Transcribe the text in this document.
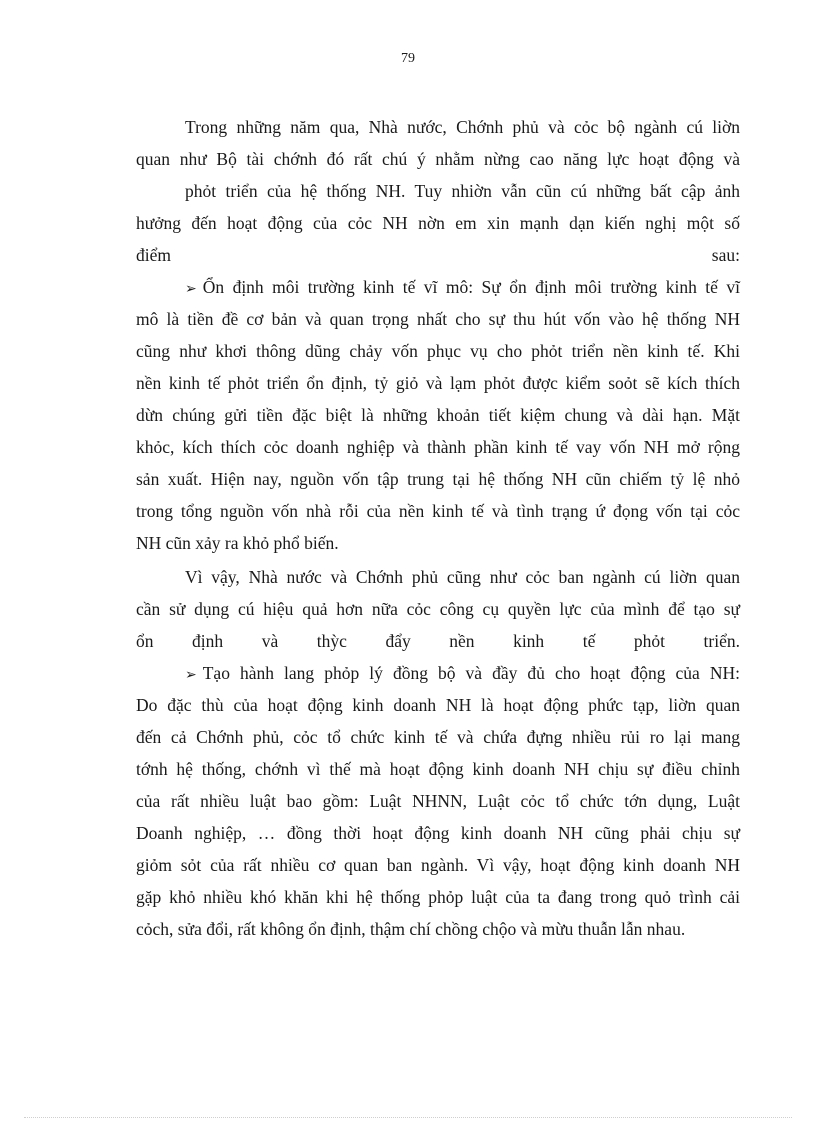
79
Trong những năm qua, Nhà nước, Chớnh phủ và cỏc bộ ngành cú liờn
quan như Bộ tài chớnh đó rất chú ý nhằm nừng cao năng lực hoạt động và
phỏt triển của hệ thống NH. Tuy nhiờn vẫn cũn cú những bất cập ảnh
hưởng đến hoạt động của cỏc NH nờn em xin mạnh dạn kiến nghị một số
điểm sau:
➢ Ổn định môi trường kinh tế vĩ mô: Sự ổn định môi trường kinh tế vĩ
mô là tiền đề cơ bản và quan trọng nhất cho sự thu hút vốn vào hệ thống NH
cũng như khơi thông dũng chảy vốn phục vụ cho phỏt triển nền kinh tế. Khi
nền kinh tế phỏt triển ổn định, tỷ giỏ và lạm phỏt được kiểm soỏt sẽ kích thích
dừn chúng gửi tiền đặc biệt là những khoản tiết kiệm chung và dài hạn. Mặt
khỏc, kích thích cỏc doanh nghiệp và thành phần kinh tế vay vốn NH mở rộng
sản xuất. Hiện nay, nguồn vốn tập trung tại hệ thống NH cũn chiếm tỷ lệ nhỏ
trong tổng nguồn vốn nhà rỗi của nền kinh tế và tình trạng ứ đọng vốn tại cỏc
NH cũn xảy ra khỏ phổ biến.
Vì vậy, Nhà nước và Chớnh phủ cũng như cỏc ban ngành cú liờn quan
cần sử dụng cú hiệu quả hơn nữa cỏc công cụ quyền lực của mình để tạo sự
ổn định và thỳc đẩy nền kinh tế phỏt triển.
➢ Tạo hành lang phỏp lý đồng bộ và đầy đủ cho hoạt động của NH:
Do đặc thù của hoạt động kinh doanh NH là hoạt động phức tạp, liờn quan
đến cả Chớnh phủ, cỏc tổ chức kinh tế và chứa đựng nhiều rủi ro lại mang
tớnh hệ thống, chớnh vì thế mà hoạt động kinh doanh NH chịu sự điều chỉnh
của rất nhiều luật bao gồm: Luật NHNN, Luật cỏc tổ chức tớn dụng, Luật
Doanh nghiệp, … đồng thời hoạt động kinh doanh NH cũng phải chịu sự
giỏm sỏt của rất nhiều cơ quan ban ngành. Vì vậy, hoạt động kinh doanh NH
gặp khỏ nhiều khó khăn khi hệ thống phỏp luật của ta đang trong quỏ trình cải
cỏch, sửa đổi, rất không ổn định, thậm chí chồng chộo và mừu thuẫn lẫn nhau.
